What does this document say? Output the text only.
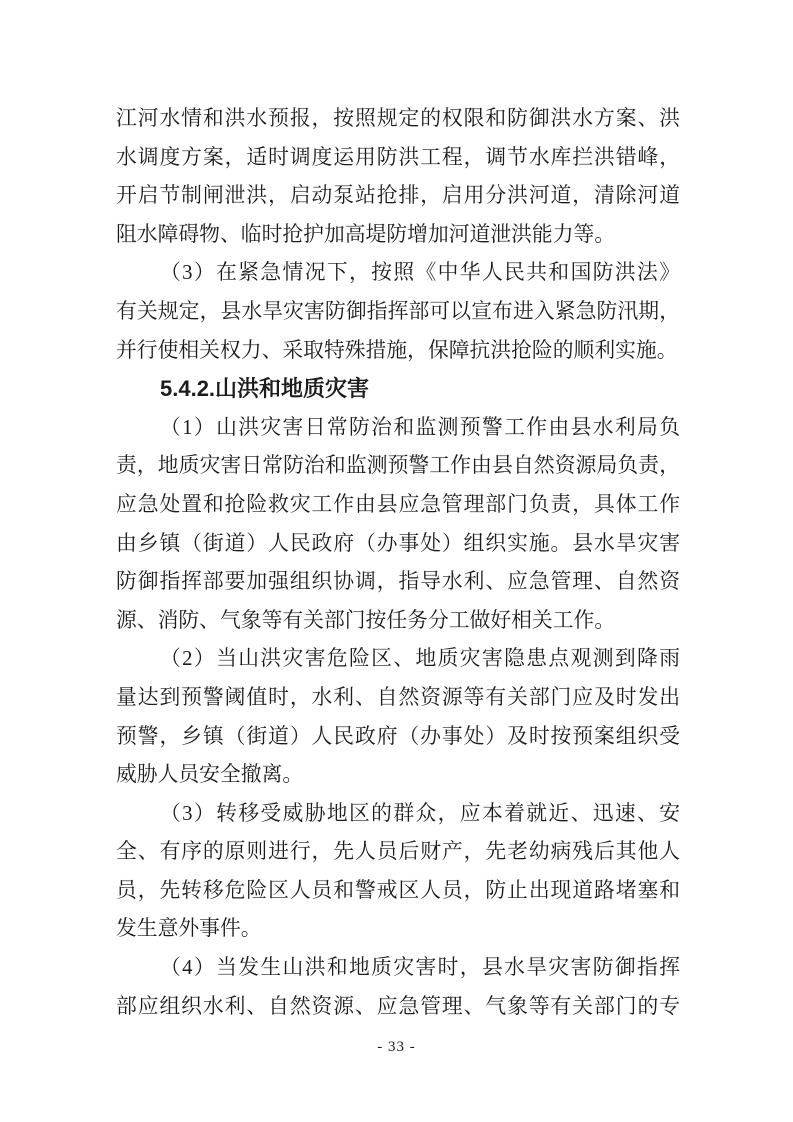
江河水情和洪水预报，按照规定的权限和防御洪水方案、洪
水调度方案，适时调度运用防洪工程，调节水库拦洪错峰，
开启节制闸泄洪，启动泵站抢排，启用分洪河道，清除河道
阻水障碍物、临时抢护加高堤防增加河道泄洪能力等。
（3）在紧急情况下，按照《中华人民共和国防洪法》
有关规定，县水旱灾害防御指挥部可以宣布进入紧急防汛期，
并行使相关权力、采取特殊措施，保障抗洪抢险的顺利实施。
5.4.2.山洪和地质灾害
（1）山洪灾害日常防治和监测预警工作由县水利局负
责，地质灾害日常防治和监测预警工作由县自然资源局负责，
应急处置和抢险救灾工作由县应急管理部门负责，具体工作
由乡镇（街道）人民政府（办事处）组织实施。县水旱灾害
防御指挥部要加强组织协调，指导水利、应急管理、自然资
源、消防、气象等有关部门按任务分工做好相关工作。
（2）当山洪灾害危险区、地质灾害隐患点观测到降雨
量达到预警阈值时，水利、自然资源等有关部门应及时发出
预警，乡镇（街道）人民政府（办事处）及时按预案组织受
威胁人员安全撤离。
（3）转移受威胁地区的群众，应本着就近、迅速、安
全、有序的原则进行，先人员后财产，先老幼病残后其他人
员，先转移危险区人员和警戒区人员，防止出现道路堵塞和
发生意外事件。
（4）当发生山洪和地质灾害时，县水旱灾害防御指挥
部应组织水利、自然资源、应急管理、气象等有关部门的专
- 33 -
